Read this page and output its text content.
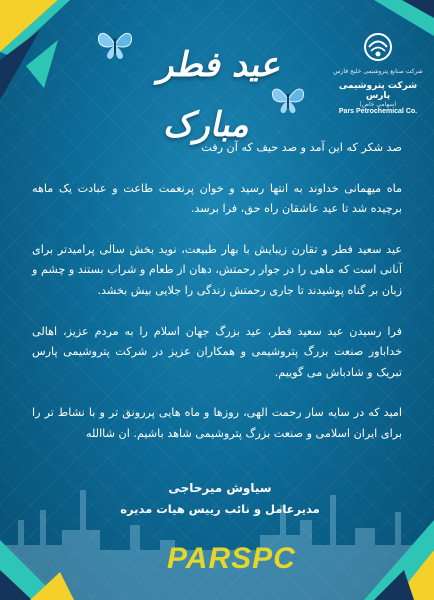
عید فطر مبارک
شرکت صنایع پتروشیمی خلیج فارس
شرکت پتروشیمی پارس
(سهامی خاص)
Pars Petrochemical Co.

صد شکر که این آمد و صد حیف که آن رفت

ماه میهمانی خداوند به انتها رسید و خوان پرنعمت طاعت و عبادت یک ماهه برچیده شد تا عید عاشقان راه حق، فرا برسد.

عید سعید فطر و تقارن زیبایش با بهار طبیعت، نوید بخش سالی پرامیدتر برای آنانی است که ماهی را در جوار رحمتش، دهان از طعام و شراب بستند و چشم و زبان بر گناه پوشیدند تا جاری رحمتش زندگی را جلایی بیش بخشد.

فرا رسیدن عید سعید فطر، عید بزرگ جهان اسلام را به مردم عزیز، اهالی خداباور صنعت بزرگ پتروشیمی و همکاران عزیز در شرکت پتروشیمی پارس تبریک و شادباش می گوییم.

امید که در سایه سار رحمت الهی، روزها و ماه هایی پررونق تر و با نشاط تر را برای ایران اسلامی و صنعت بزرگ پتروشیمی شاهد باشیم. ان شاالله

سیاوش میرحاجی
مدیرعامل و نائب رییس هیات مدیره
PARSPC
